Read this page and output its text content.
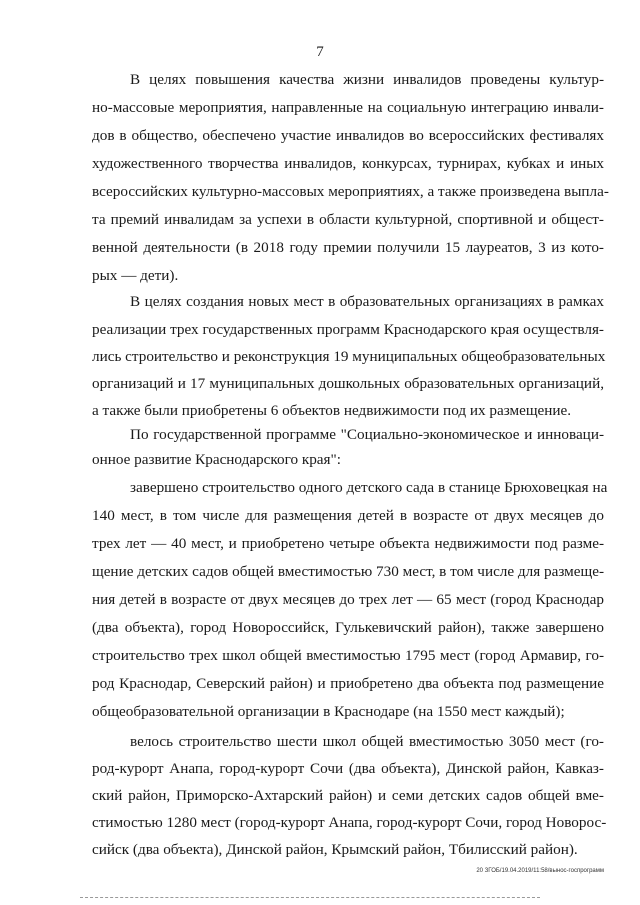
7
В целях повышения качества жизни инвалидов проведены культур-
но-массовые мероприятия, направленные на социальную интеграцию инвали-
дов в общество, обеспечено участие инвалидов во всероссийских фестивалях
художественного творчества инвалидов, конкурсах, турнирах, кубках и иных
всероссийских культурно-массовых мероприятиях, а также произведена выпла-
та премий инвалидам за успехи в области культурной, спортивной и общест-
венной деятельности (в 2018 году премии получили 15 лауреатов, 3 из кото-
рых — дети).
В целях создания новых мест в образовательных организациях в рамках
реализации трех государственных программ Краснодарского края осуществля-
лись строительство и реконструкция 19 муниципальных общеобразовательных
организаций и 17 муниципальных дошкольных образовательных организаций,
а также были приобретены 6 объектов недвижимости под их размещение.
По государственной программе "Социально-экономическое и инноваци-
онное развитие Краснодарского края":
завершено строительство одного детского сада в станице Брюховецкая на
140 мест, в том числе для размещения детей в возрасте от двух месяцев до
трех лет — 40 мест, и приобретено четыре объекта недвижимости под разме-
щение детских садов общей вместимостью 730 мест, в том числе для размеще-
ния детей в возрасте от двух месяцев до трех лет — 65 мест (город Краснодар
(два объекта), город Новороссийск, Гулькевичский район), также завершено
строительство трех школ общей вместимостью 1795 мест (город Армавир, го-
род Краснодар, Северский район) и приобретено два объекта под размещение
общеобразовательной организации в Краснодаре (на 1550 мест каждый);
велось строительство шести школ общей вместимостью 3050 мест (го-
род-курорт Анапа, город-курорт Сочи (два объекта), Динской район, Кавказ-
ский район, Приморско-Ахтарский район) и семи детских садов общей вме-
стимостью 1280 мест (город-курорт Анапа, город-курорт Сочи, город Новорос-
сийск (два объекта), Динской район, Крымский район, Тбилисский район).
20 ЗГОБ/19.04.2019/11:58/вынос-госпрограмм
